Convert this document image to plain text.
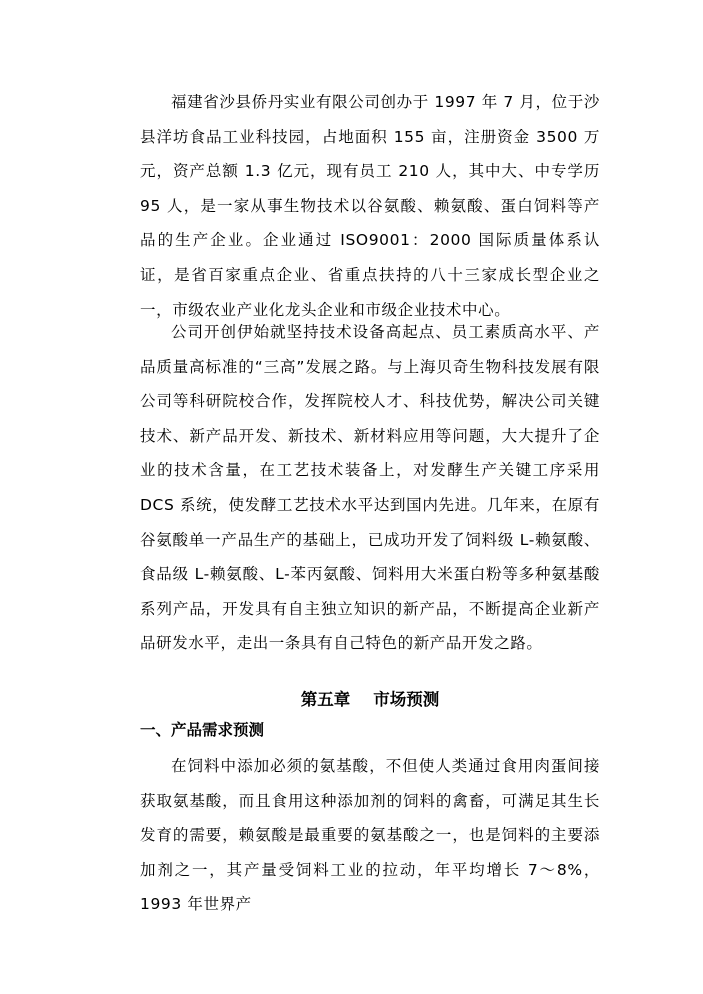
福建省沙县侨丹实业有限公司创办于 1997 年 7 月，位于沙县洋坊食品工业科技园，占地面积 155 亩，注册资金 3500 万元，资产总额 1.3 亿元，现有员工 210 人，其中大、中专学历 95 人，是一家从事生物技术以谷氨酸、赖氨酸、蛋白饲料等产品的生产企业。企业通过 ISO9001：2000 国际质量体系认证，是省百家重点企业、省重点扶持的八十三家成长型企业之一，市级农业产业化龙头企业和市级企业技术中心。

公司开创伊始就坚持技术设备高起点、员工素质高水平、产品质量高标准的“三高”发展之路。与上海贝奇生物科技发展有限公司等科研院校合作，发挥院校人才、科技优势，解决公司关键技术、新产品开发、新技术、新材料应用等问题，大大提升了企业的技术含量，在工艺技术装备上，对发酵生产关键工序采用 DCS 系统，使发酵工艺技术水平达到国内先进。几年来，在原有谷氨酸单一产品生产的基础上，已成功开发了饲料级 L-赖氨酸、食品级 L-赖氨酸、L-苯丙氨酸、饲料用大米蛋白粉等多种氨基酸系列产品，开发具有自主独立知识的新产品，不断提高企业新产品研发水平，走出一条具有自己特色的新产品开发之路。

第五章    市场预测
一、产品需求预测

在饲料中添加必须的氨基酸，不但使人类通过食用肉蛋间接获取氨基酸，而且食用这种添加剂的饲料的禽畜，可满足其生长发育的需要，赖氨酸是最重要的氨基酸之一，也是饲料的主要添加剂之一，其产量受饲料工业的拉动，年平均增长 7～8%，1993 年世界产
